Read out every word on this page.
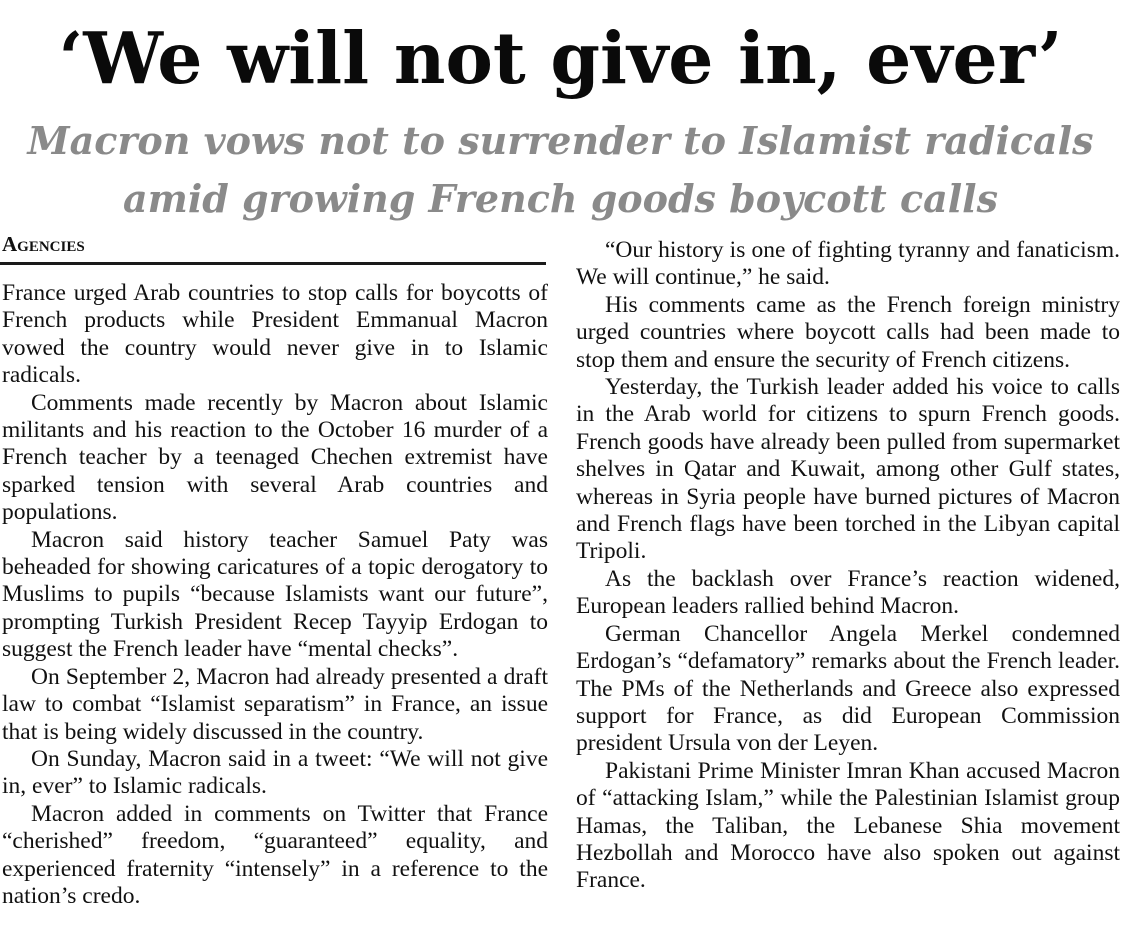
‘We will not give in, ever’
Macron vows not to surrender to Islamist radicals
amid growing French goods boycott calls
Agencies

France urged Arab countries to stop calls for boycotts of French products while President Emmanual Macron vowed the country would never give in to Islamic radicals.

Comments made recently by Macron about Islamic militants and his reaction to the October 16 murder of a French teacher by a teenaged Chechen extremist have sparked tension with several Arab countries and populations.

Macron said history teacher Samuel Paty was beheaded for showing caricatures of a topic derogatory to Muslims to pupils “because Islamists want our future”, prompting Turkish President Recep Tayyip Erdogan to suggest the French leader have “mental checks”.

On September 2, Macron had already presented a draft law to combat “Islamist separatism” in France, an issue that is being widely discussed in the country.

On Sunday, Macron said in a tweet: “We will not give in, ever” to Islamic radicals.

Macron added in comments on Twitter that France “cherished” freedom, “guaranteed” equality, and experienced fraternity “intensely” in a reference to the nation’s credo.

“Our history is one of fighting tyranny and fanaticism. We will continue,” he said.

His comments came as the French foreign ministry urged countries where boycott calls had been made to stop them and ensure the security of French citizens.

Yesterday, the Turkish leader added his voice to calls in the Arab world for citizens to spurn French goods. French goods have already been pulled from supermarket shelves in Qatar and Kuwait, among other Gulf states, whereas in Syria people have burned pictures of Macron and French flags have been torched in the Libyan capital Tripoli.

As the backlash over France’s reaction widened, European leaders rallied behind Macron.

German Chancellor Angela Merkel condemned Erdogan’s “defamatory” remarks about the French leader. The PMs of the Netherlands and Greece also expressed support for France, as did European Commission president Ursula von der Leyen.

Pakistani Prime Minister Imran Khan accused Macron of “attacking Islam,” while the Palestinian Islamist group Hamas, the Taliban, the Lebanese Shia movement Hezbollah and Morocco have also spoken out against France.
